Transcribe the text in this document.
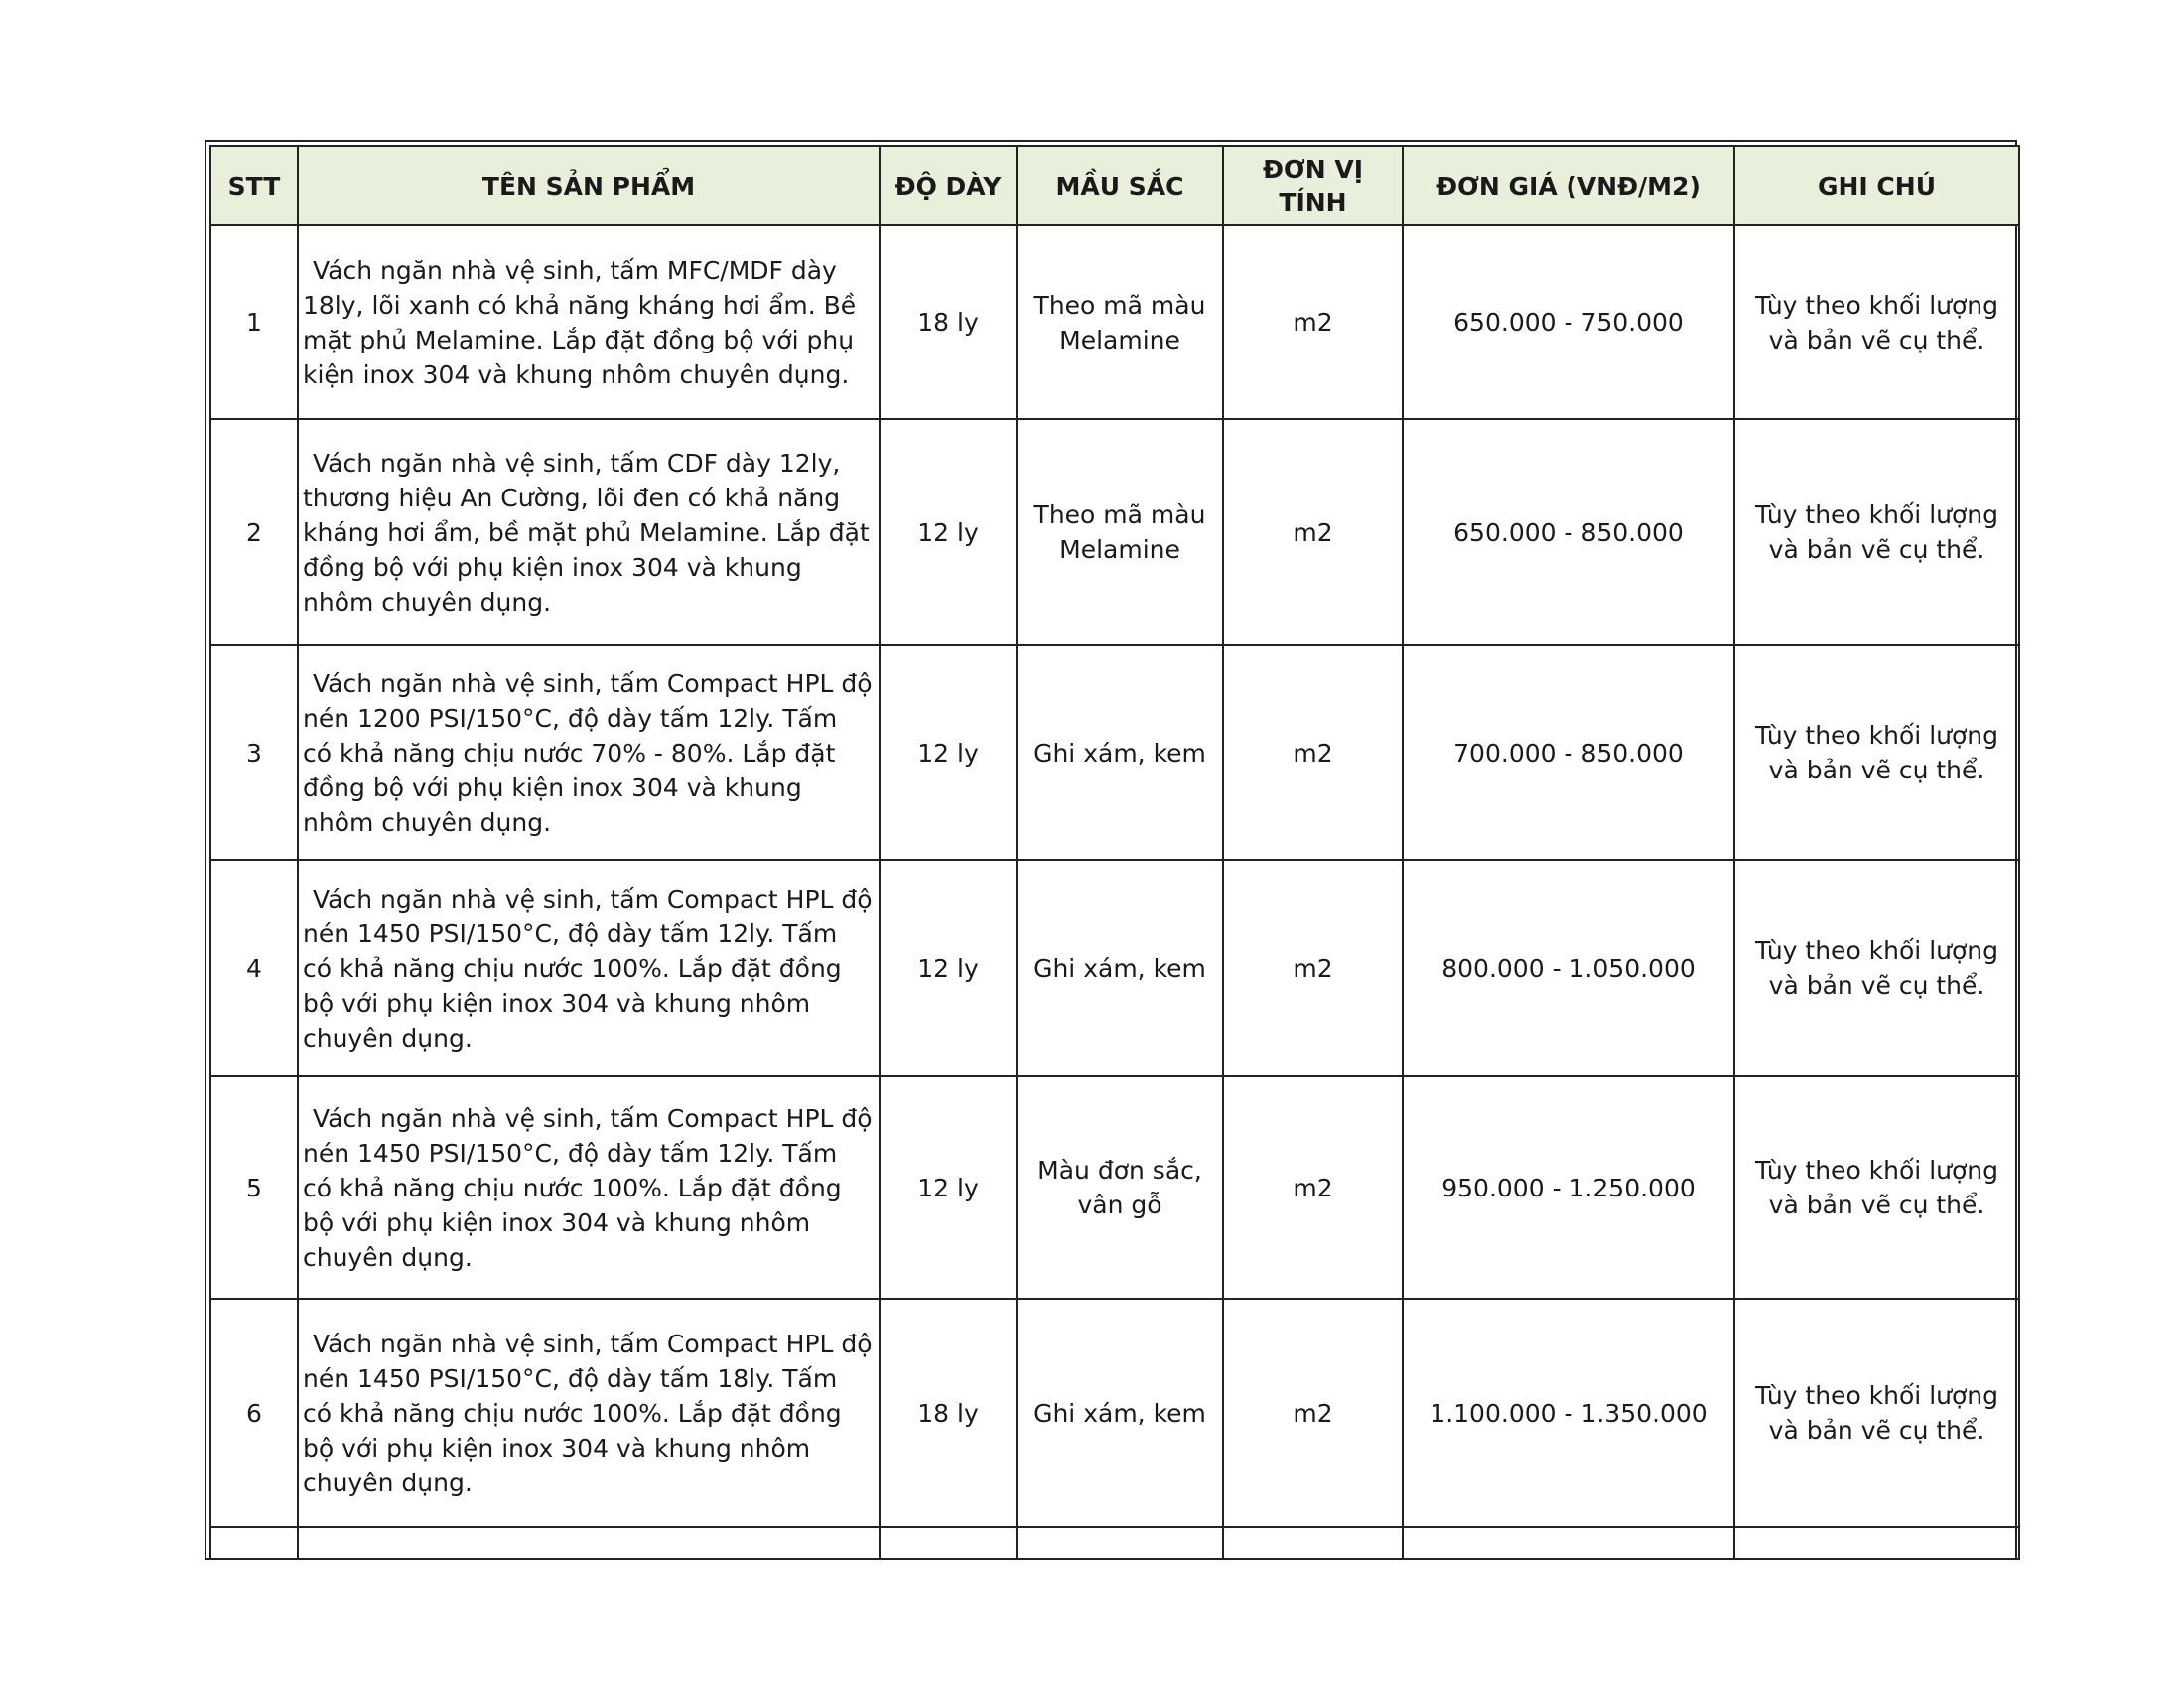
STT	TÊN SẢN PHẨM	ĐỘ DÀY	MẦU SẮC	ĐƠN VỊ TÍNH	ĐƠN GIÁ (VNĐ/M2)	GHI CHÚ
1	Vách ngăn nhà vệ sinh, tấm MFC/MDF dày 18ly, lõi xanh có khả năng kháng hơi ẩm. Bề mặt phủ Melamine. Lắp đặt đồng bộ với phụ kiện inox 304 và khung nhôm chuyên dụng.	18 ly	Theo mã màu Melamine	m2	650.000 - 750.000	Tùy theo khối lượng và bản vẽ cụ thể.

2	Vách ngăn nhà vệ sinh, tấm CDF dày 12ly, thương hiệu An Cường, lõi đen có khả năng kháng hơi ẩm, bề mặt phủ Melamine. Lắp đặt đồng bộ với phụ kiện inox 304 và khung nhôm chuyên dụng.	12 ly	Theo mã màu Melamine	m2	650.000 - 850.000	Tùy theo khối lượng và bản vẽ cụ thể.

3	Vách ngăn nhà vệ sinh, tấm Compact HPL độ nén 1200 PSI/150°C, độ dày tấm 12ly. Tấm có khả năng chịu nước 70% - 80%. Lắp đặt đồng bộ với phụ kiện inox 304 và khung nhôm chuyên dụng.	12 ly	Ghi xám, kem	m2	700.000 - 850.000	Tùy theo khối lượng và bản vẽ cụ thể.

4	Vách ngăn nhà vệ sinh, tấm Compact HPL độ nén 1450 PSI/150°C, độ dày tấm 12ly. Tấm có khả năng chịu nước 100%. Lắp đặt đồng bộ với phụ kiện inox 304 và khung nhôm chuyên dụng.	12 ly	Ghi xám, kem	m2	800.000 - 1.050.000	Tùy theo khối lượng và bản vẽ cụ thể.

5	Vách ngăn nhà vệ sinh, tấm Compact HPL độ nén 1450 PSI/150°C, độ dày tấm 12ly. Tấm có khả năng chịu nước 100%. Lắp đặt đồng bộ với phụ kiện inox 304 và khung nhôm chuyên dụng.	12 ly	Màu đơn sắc, vân gỗ	m2	950.000 - 1.250.000	Tùy theo khối lượng và bản vẽ cụ thể.

6	Vách ngăn nhà vệ sinh, tấm Compact HPL độ nén 1450 PSI/150°C, độ dày tấm 18ly. Tấm có khả năng chịu nước 100%. Lắp đặt đồng bộ với phụ kiện inox 304 và khung nhôm chuyên dụng.	18 ly	Ghi xám, kem	m2	1.100.000 - 1.350.000	Tùy theo khối lượng và bản vẽ cụ thể.
